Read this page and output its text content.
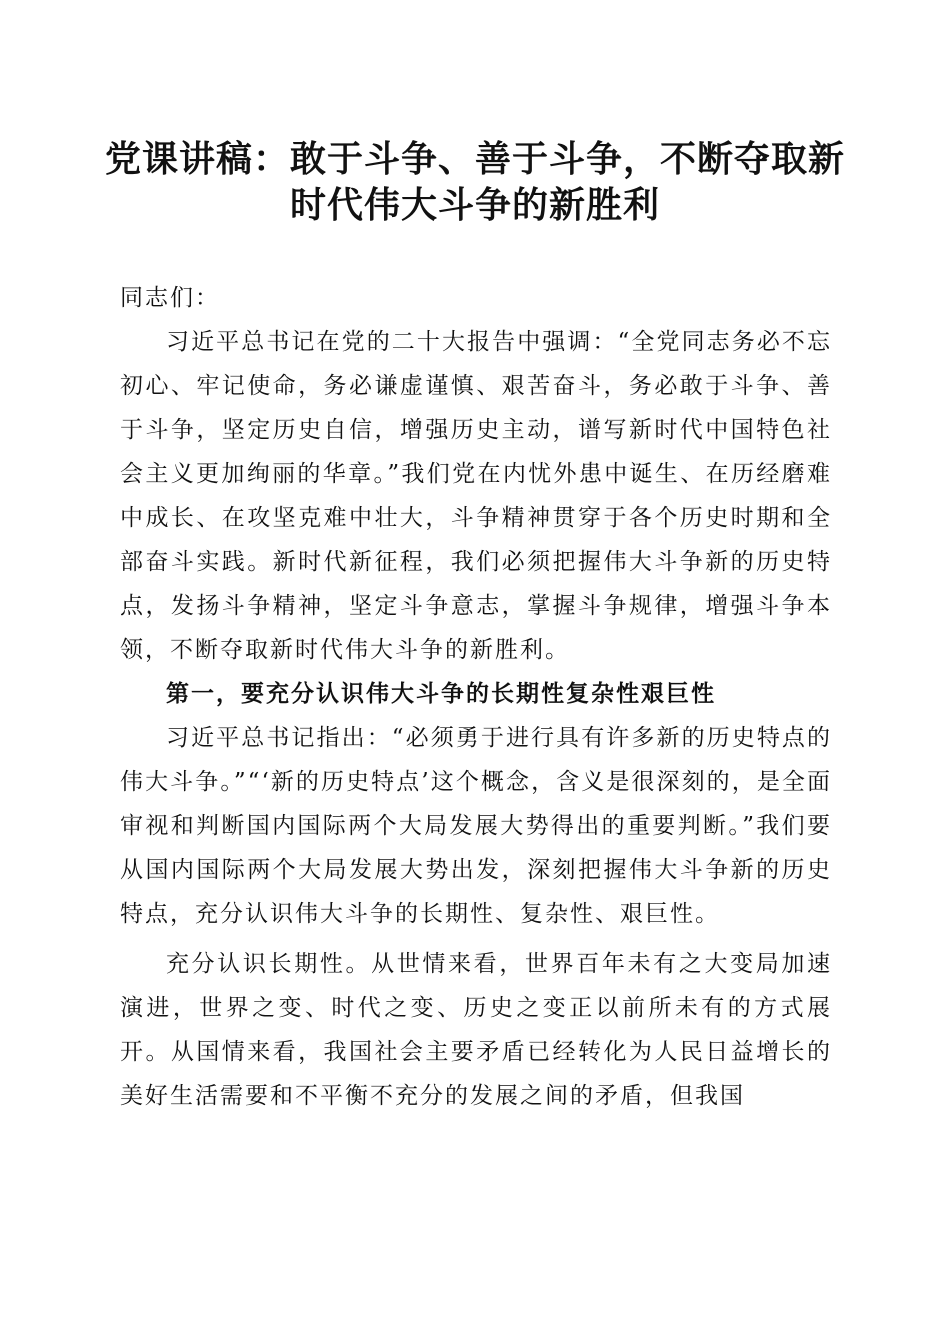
党课讲稿：敢于斗争、善于斗争，不断夺取新
时代伟大斗争的新胜利

同志们：

习近平总书记在党的二十大报告中强调：“全党同志务必不忘初心、牢记使命，务必谦虚谨慎、艰苦奋斗，务必敢于斗争、善于斗争，坚定历史自信，增强历史主动，谱写新时代中国特色社会主义更加绚丽的华章。”我们党在内忧外患中诞生、在历经磨难中成长、在攻坚克难中壮大，斗争精神贯穿于各个历史时期和全部奋斗实践。新时代新征程，我们必须把握伟大斗争新的历史特点，发扬斗争精神，坚定斗争意志，掌握斗争规律，增强斗争本领，不断夺取新时代伟大斗争的新胜利。

第一，要充分认识伟大斗争的长期性复杂性艰巨性

习近平总书记指出：“必须勇于进行具有许多新的历史特点的伟大斗争。”“‘新的历史特点’这个概念，含义是很深刻的，是全面审视和判断国内国际两个大局发展大势得出的重要判断。”我们要从国内国际两个大局发展大势出发，深刻把握伟大斗争新的历史特点，充分认识伟大斗争的长期性、复杂性、艰巨性。

充分认识长期性。从世情来看，世界百年未有之大变局加速演进，世界之变、时代之变、历史之变正以前所未有的方式展开。从国情来看，我国社会主要矛盾已经转化为人民日益增长的美好生活需要和不平衡不充分的发展之间的矛盾，但我国
